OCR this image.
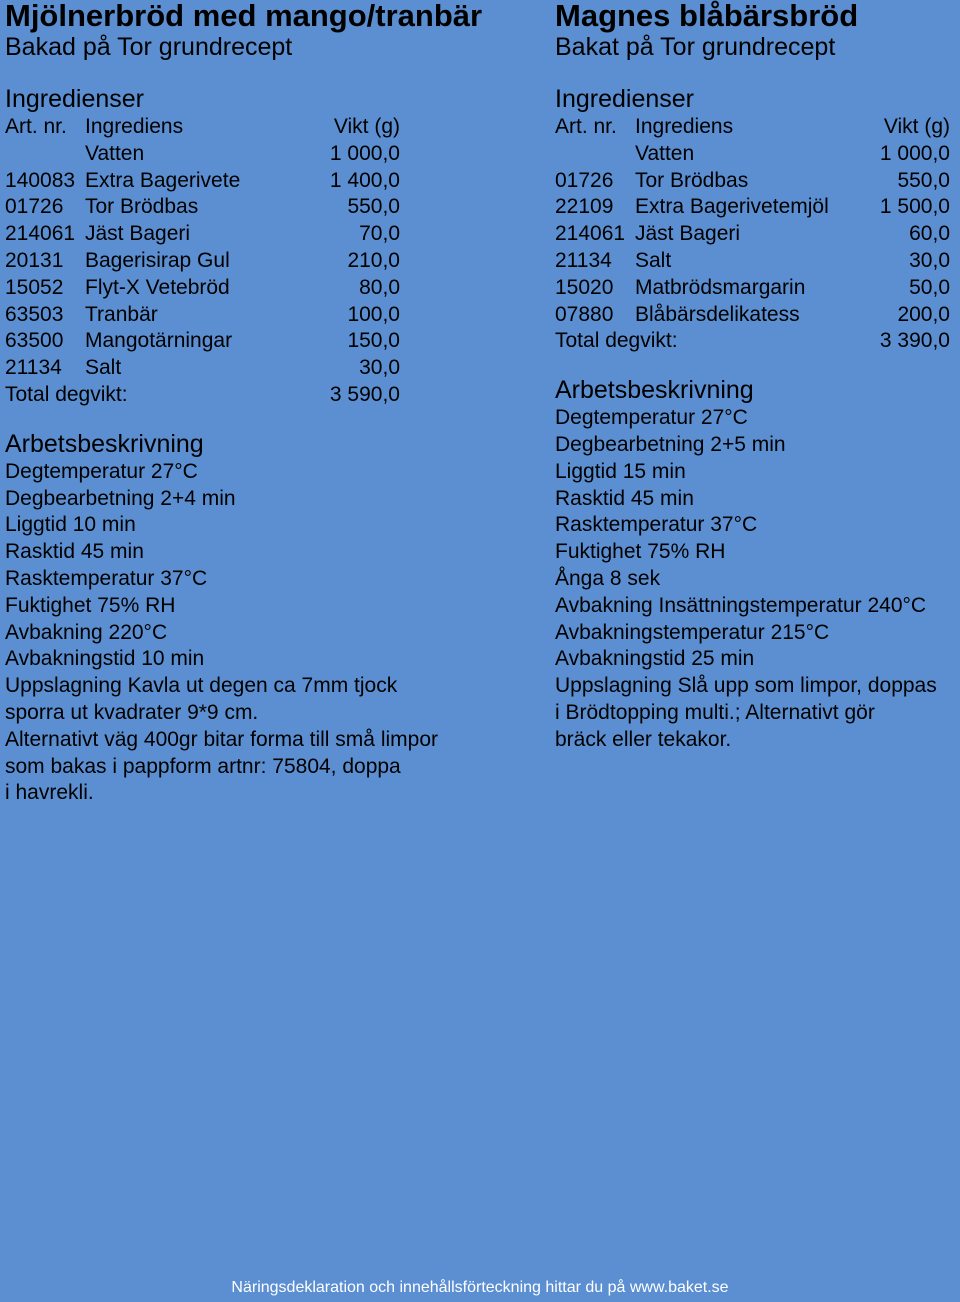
Mjölnerbröd med mango/tranbär
Bakad på Tor grundrecept
Ingredienser
Art. nr. Ingrediens	Vikt (g)
Vatten	1 000,0
140083 Extra Bagerivete	1 400,0
01726	Tor Brödbas	550,0
214061 Jäst Bageri	70,0
20131	Bagerisirap Gul	210,0
15052	Flyt-X Vetebröd	80,0
63503	Tranbär	100,0
63500	Mangotärningar	150,0
21134	Salt	30,0
Total degvikt:	3 590,0
Arbetsbeskrivning
Degtemperatur 27°C
Degbearbetning 2+4 min
Liggtid 10 min
Rasktid 45 min
Rasktemperatur 37°C
Fuktighet 75% RH
Avbakning 220°C
Avbakningstid 10 min
Uppslagning Kavla ut degen ca 7mm tjock
sporra ut kvadrater 9*9 cm.
Alternativt väg 400gr bitar forma till små limpor
som bakas i pappform artnr: 75804, doppa
i havrekli.
Magnes blåbärsbröd
Bakat på Tor grundrecept
Ingredienser
Art. nr. Ingrediens	Vikt (g)
Vatten	1 000,0
01726	Tor Brödbas	550,0
22109	Extra Bagerivetemjöl	1 500,0
214061 Jäst Bageri	60,0
21134	Salt	30,0
15020	Matbrödsmargarin	50,0
07880	Blåbärsdelikatess	200,0
Total degvikt:	3 390,0
Arbetsbeskrivning
Degtemperatur 27°C
Degbearbetning 2+5 min
Liggtid 15 min
Rasktid 45 min
Rasktemperatur 37°C
Fuktighet 75% RH
Ånga 8 sek
Avbakning Insättningstemperatur 240°C
Avbakningstemperatur 215°C
Avbakningstid 25 min
Uppslagning Slå upp som limpor, doppas
i Brödtopping multi.; Alternativt gör
bräck eller tekakor.
Näringsdeklaration och innehållsförteckning hittar du på www.baket.se
